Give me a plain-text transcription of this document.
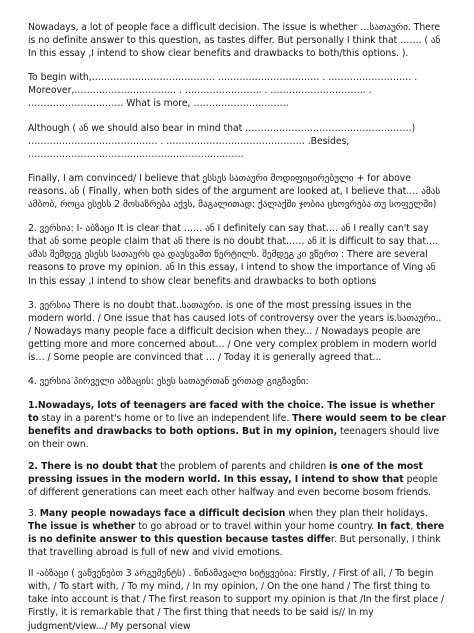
Nowadays, a lot of people face a difficult decision. The issue is whether …სათაური. There is no definite answer to this question, as tastes differ. But personally I think that ……. ( ან In this essay ,I intend to show clear benefits and drawbacks to both/this options. ).

To begin with,…………………………………. …………………………… . ……………………… . Moreover,…………………………… . ……………………. . …………………………. . …………………………. What is more, ………………………….

Although ( ან we should also bear in mind that ………………………………………………) …………………………………… . ……………………………………… .Besides, …………………………………………………………….

Finally, I am convinced/ I believe that ესსეს სათაური მოდიფიცირებული + for above reasons. ან ( Finally, when both sides of the argument are looked at, I believe that…. ამას ამბობ, როცა ესესს 2 მოსაზრება აქვს, მაგალითად: ქალაქში ჯობია ცხოვრება თუ სოფელში)

2. ვერსია: I- აბზაცი It is clear that …… ან I definitely can say that…. ან I really can't say that ან some people claim that ან there is no doubt that…… ან it is difficult to say that…. ამას შემდეგ ესესს სათაურს და დაუსვამთ წერტილს. შემდეგ კი ვწერთ : There are several reasons to prove my opinion. ან In this essay, I intend to show the importance of Ving ან In this essay ,I intend to show clear benefits and drawbacks to both options

3. ვერსია There is no doubt that..სათაური. is one of the most pressing issues in the modern world. / One issue that has caused lots of controversy over the years is.სათაური.. / Nowadays many people face a difficult decision when they... / Nowadays people are getting more and more concerned about… / One very complex problem in modern world is… / Some people are convinced that … / Today it is generally agreed that...

4. ვერსია პირველი აბზაცის: ესეს სათაურთან ერთად გიგზავნი:

1.Nowadays, lots of teenagers are faced with the choice. The issue is whether to stay in a parent's home or to live an independent life. There would seem to be clear benefits and drawbacks to both options. But in my opinion, teenagers should live on their own.

2. There is no doubt that the problem of parents and children is one of the most pressing issues in the modern world. In this essay, I intend to show that people of different generations can meet each other halfway and even become bosom friends.

3. Many people nowadays face a difficult decision when they plan their holidays. The issue is whether to go abroad or to travel within your home country. In fact, there is no definite answer to this question because tastes differ. But personally, I think that travelling abroad is full of new and vivid emotions.

II -აბზაცი ( ვაწვენებთ 3 არგუმენტს) . წინამავალი სიტყვებია: Firstly, / First of all, / To begin with, / To start with, / To my mind, / In my opinion, / On the one hand / The first thing to take into account is that / The first reason to support my opinion is that /In the first place / Firstly, it is remarkable that / The first thing that needs to be said is// In my judgment/view.../ My personal view
